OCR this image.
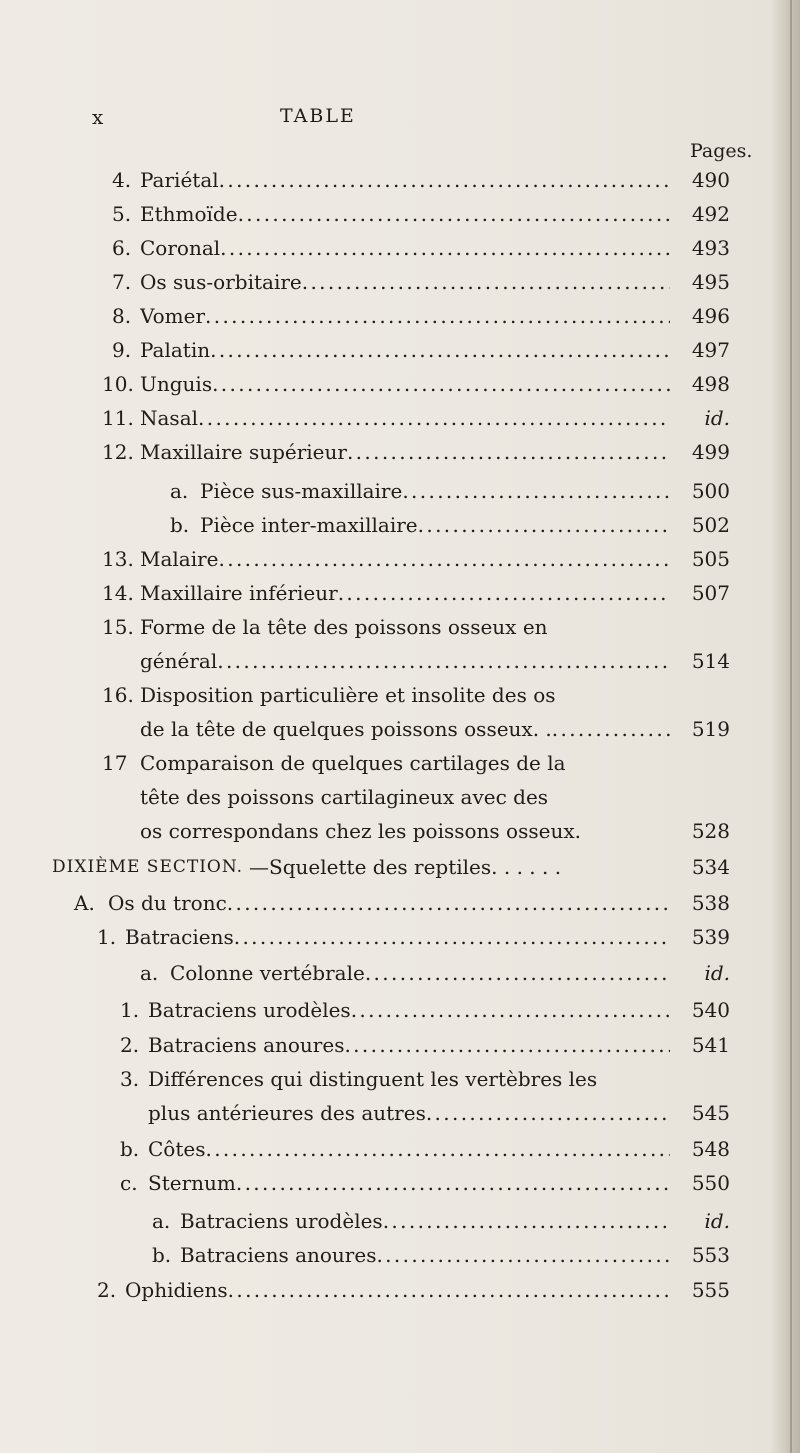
x	TABLE
Pages.
4. Pariétal . . .	490
5. Ethmoïde . . .	492
6. Coronal . . .	493
7. Os sus-orbitaire . . .	495
8. Vomer . . .	496
9. Palatin . . .	497
10. Unguis . . .	498
11. Nasal . . .	id.
12. Maxillaire supérieur . . .	499
a. Pièce sus-maxillaire . . .	500
b. Pièce inter-maxillaire . . .	502
13. Malaire . . .	505
14. Maxillaire inférieur . . .	507
15. Forme de la tête des poissons osseux en
général . . .	514
16. Disposition particulière et insolite des os
de la tête de quelques poissons osseux. . . . .	519
17 Comparaison de quelques cartilages de la
tête des poissons cartilagineux avec des
os correspondans chez les poissons osseux.	528
DIXIÈME SECTION. —Squelette des reptiles. . . . . .	534
A. Os du tronc . . .	538
1. Batraciens . . .	539
a. Colonne vertébrale . . .	id.
1. Batraciens urodèles . . .	540
2. Batraciens anoures . . .	541
3. Différences qui distinguent les vertèbres les
plus antérieures des autres . . .	545
b. Côtes . . .	548
c. Sternum . . .	550
a. Batraciens urodèles . . .	id.
b. Batraciens anoures . . .	553
2. Ophidiens . . .	555
